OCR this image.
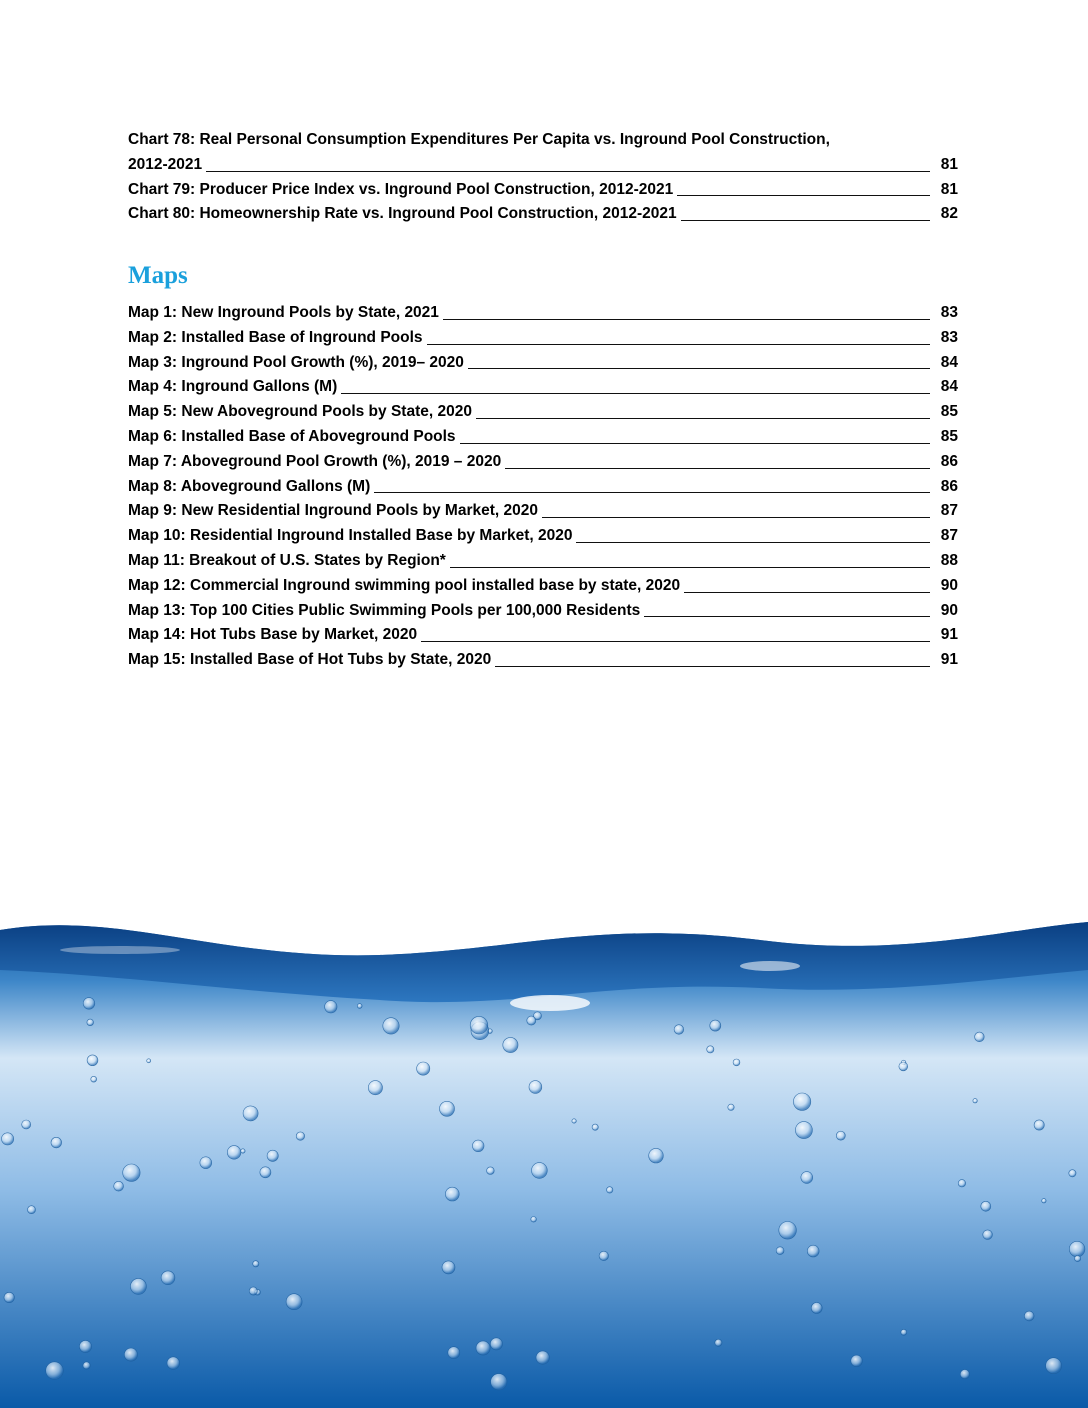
Chart 78: Real Personal Consumption Expenditures Per Capita vs. Inground Pool Construction,
2012-2021	81
Chart 79: Producer Price Index vs. Inground Pool Construction, 2012-2021	81
Chart 80: Homeownership Rate vs. Inground Pool Construction, 2012-2021	82
Maps
Map 1: New Inground Pools by State, 2021	83
Map 2: Installed Base of Inground Pools	83
Map 3: Inground Pool Growth (%), 2019– 2020	84
Map 4: Inground Gallons (M)	84
Map 5: New Aboveground Pools by State, 2020	85
Map 6: Installed Base of Aboveground Pools	85
Map 7: Aboveground Pool Growth (%), 2019 – 2020	86
Map 8: Aboveground Gallons (M)	86
Map 9: New Residential Inground Pools by Market, 2020	87
Map 10: Residential Inground Installed Base by Market, 2020	87
Map 11: Breakout of U.S. States by Region*	88
Map 12: Commercial Inground swimming pool installed base by state, 2020	90
Map 13: Top 100 Cities Public Swimming Pools per 100,000 Residents	90
Map 14: Hot Tubs Base by Market, 2020	91
Map 15: Installed Base of Hot Tubs by State, 2020	91
